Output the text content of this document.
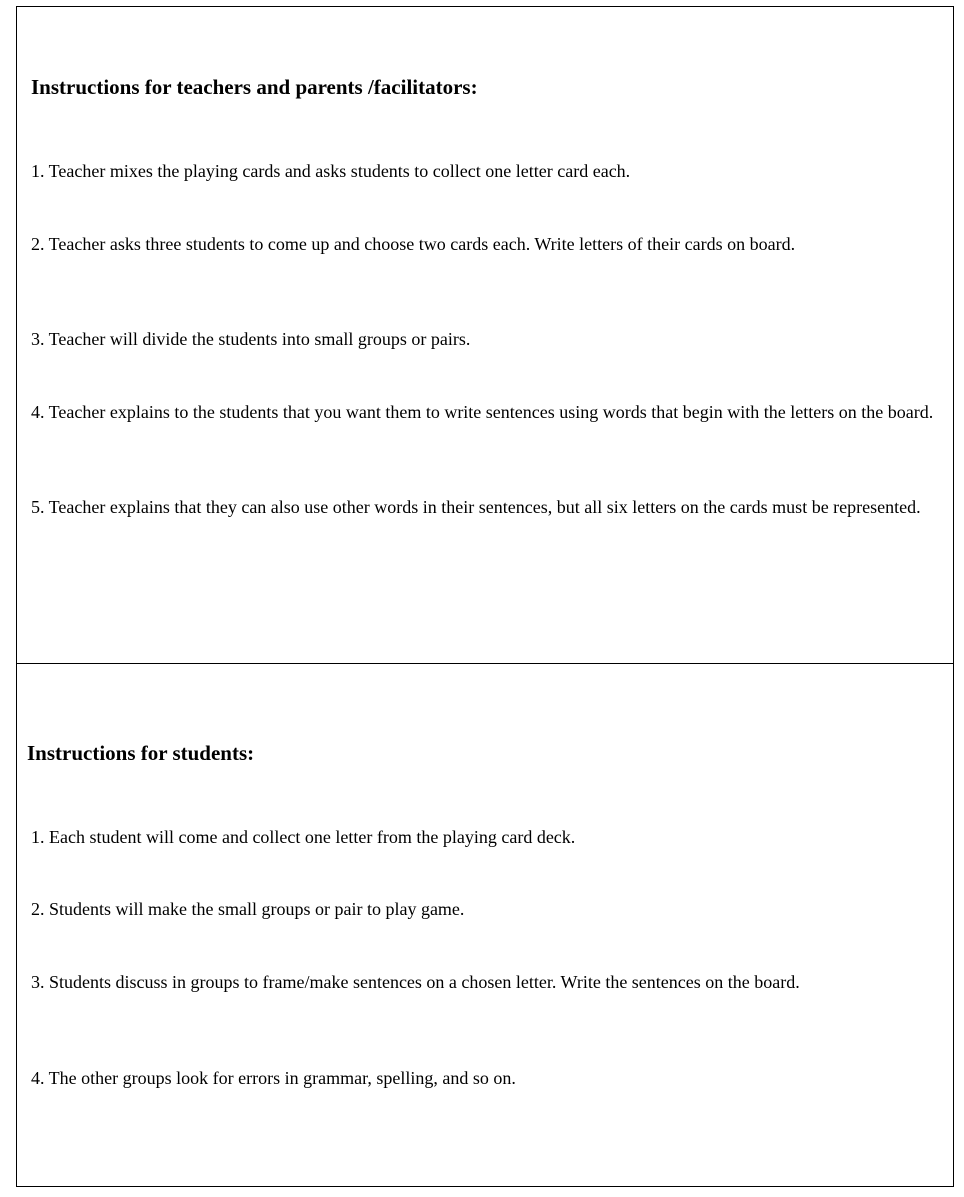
Instructions for teachers and parents /facilitators:

1. Teacher mixes the playing cards and asks students to collect one letter card each.

2. Teacher asks three students to come up and choose two cards each. Write letters of their cards on board.

3. Teacher will divide the students into small groups or pairs.

4. Teacher explains to the students that you want them to write sentences using words that begin with the letters on the board.

5. Teacher explains that they can also use other words in their sentences, but all six letters on the cards must be represented.

Instructions for students:

1. Each student will come and collect one letter from the playing card deck.

2. Students will make the small groups or pair to play game.

3. Students discuss in groups to frame/make sentences on a chosen letter. Write the sentences on the board.

4. The other groups look for errors in grammar, spelling, and so on.
